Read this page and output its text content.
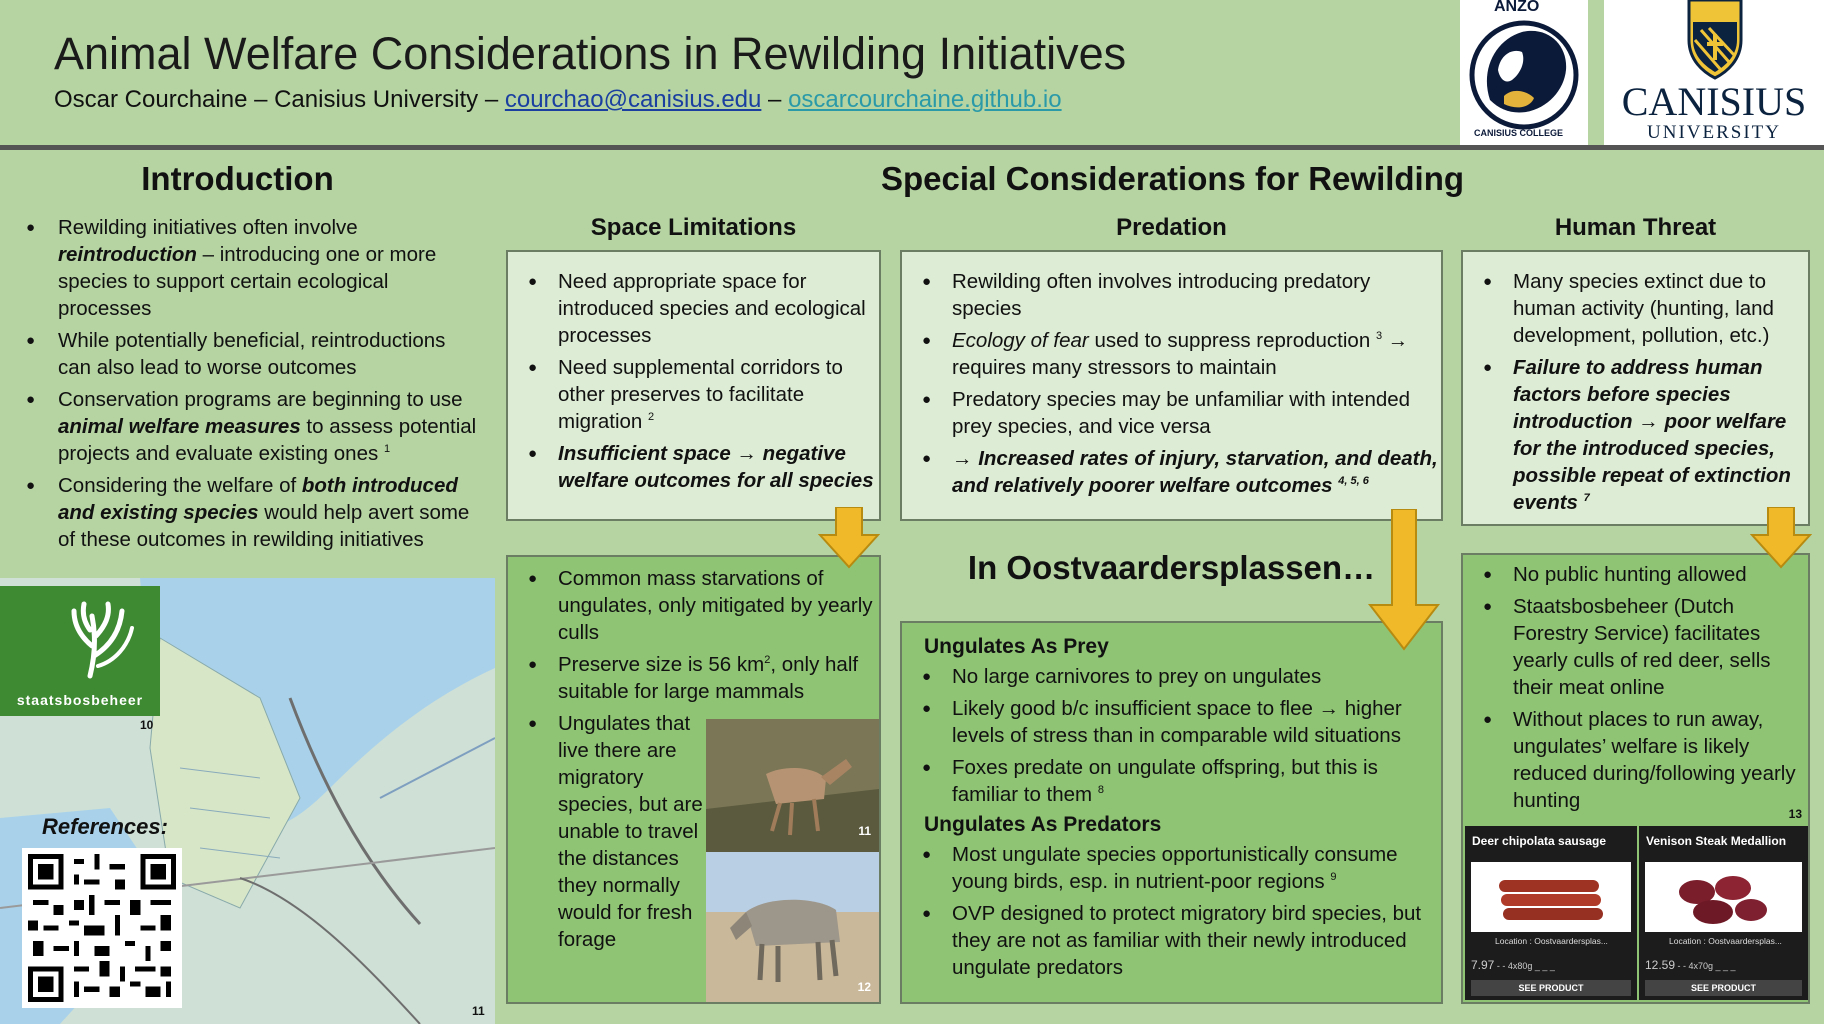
Animal Welfare Considerations in Rewilding Initiatives
Oscar Courchaine – Canisius University – courchao@canisius.edu – oscarcourchaine.github.io
ANZO
CANISIUS COLLEGE
CANISIUS
UNIVERSITY
Introduction
● Rewilding initiatives often involve reintroduction – introducing one or more species to support certain ecological processes
● While potentially beneficial, reintroductions can also lead to worse outcomes
● Conservation programs are beginning to use animal welfare measures to assess potential projects and evaluate existing ones $^1$
● Considering the welfare of both introduced and existing species would help avert some of these outcomes in rewilding initiatives
staatsbosbeheer
10
References:
11
Special Considerations for Rewilding
Space Limitations	Predation	Human Threat
● Need appropriate space for introduced species and ecological processes
● Need supplemental corridors to other preserves to facilitate migration $^2$
● Insufficient space → negative welfare outcomes for all species
● Rewilding often involves introducing predatory species
● Ecology of fear used to suppress reproduction $^3$ → requires many stressors to maintain
● Predatory species may be unfamiliar with intended prey species, and vice versa
● → Increased rates of injury, starvation, and death, and relatively poorer welfare outcomes $^{4, 5, 6}$
● Many species extinct due to human activity (hunting, land development, pollution, etc.)
● Failure to address human factors before species introduction → poor welfare for the introduced species, possible repeat of extinction events $^7$
In Oostvaardersplassen…
● Common mass starvations of ungulates, only mitigated by yearly culls
● Preserve size is 56 $km^2$, only half suitable for large mammals
● Ungulates that live there are migratory species, but are unable to travel the distances they normally would for fresh forage
11
12
Ungulates As Prey
● No large carnivores to prey on ungulates
● Likely good b/c insufficient space to flee → higher levels of stress than in comparable wild situations
● Foxes predate on ungulate offspring, but this is familiar to them $^8$
Ungulates As Predators
● Most ungulate species opportunistically consume young birds, esp. in nutrient-poor regions $^9$
● OVP designed to protect migratory bird species, but they are not as familiar with their newly introduced ungulate predators
● No public hunting allowed
● Staatsbosbeheer (Dutch Forestry Service) facilitates yearly culls of red deer, sells their meat online
● Without places to run away, ungulates’ welfare is likely reduced during/following yearly hunting
13
Deer chipolata sausage
Location : Oostvaardersplas...
7.97 - - 4x80g _ _ _
SEE PRODUCT
Venison Steak Medallion
Location : Oostvaardersplas...
12.59 - - 4x70g _ _ _
SEE PRODUCT
